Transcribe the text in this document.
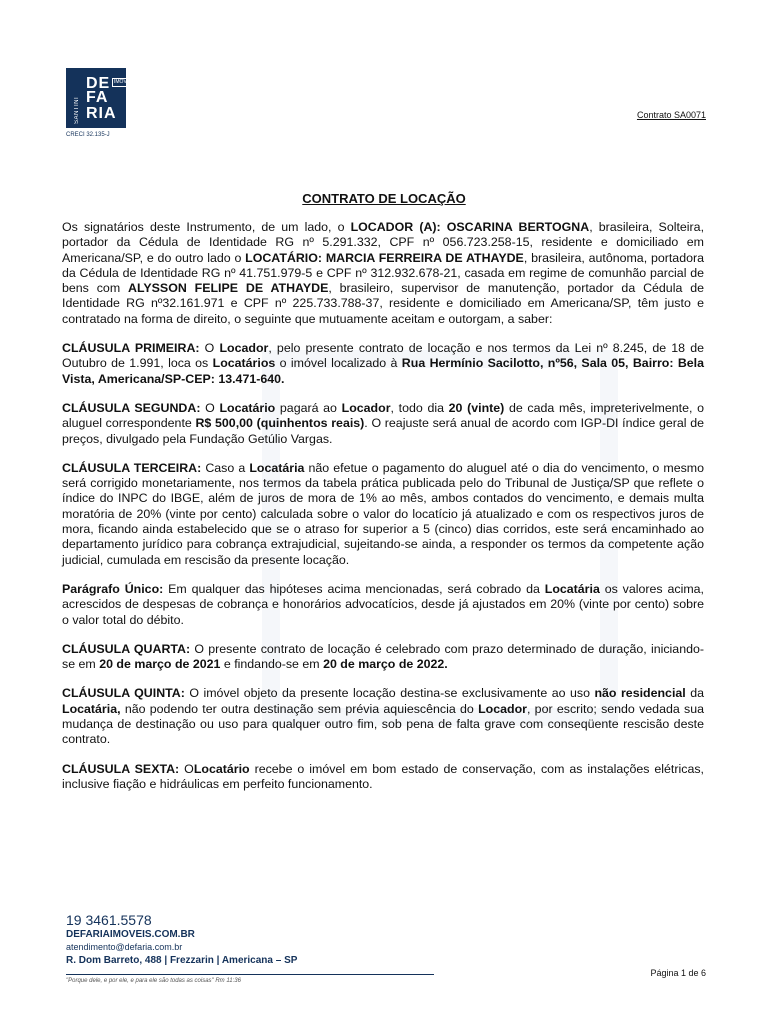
SANTINI
DE
FA
RIA
IMÓVEIS
CRECI 32.135-J
Contrato SA0071
CONTRATO DE LOCAÇÃO

Os signatários deste Instrumento, de um lado, o LOCADOR (A): OSCARINA BERTOGNA, brasileira, Solteira, portador da Cédula de Identidade RG nº 5.291.332, CPF nº 056.723.258-15, residente e domiciliado em Americana/SP, e do outro lado o LOCATÁRIO: MARCIA FERREIRA DE ATHAYDE, brasileira, autônoma, portadora da Cédula de Identidade RG nº 41.751.979-5 e CPF nº 312.932.678-21, casada em regime de comunhão parcial de bens com ALYSSON FELIPE DE ATHAYDE, brasileiro, supervisor de manutenção, portador da Cédula de Identidade RG nº32.161.971 e CPF nº 225.733.788-37, residente e domiciliado em Americana/SP, têm justo e contratado na forma de direito, o seguinte que mutuamente aceitam e outorgam, a saber:

CLÁUSULA PRIMEIRA: O Locador, pelo presente contrato de locação e nos termos da Lei nº 8.245, de 18 de Outubro de 1.991, loca os Locatários o imóvel localizado à Rua Hermínio Sacilotto, nº56, Sala 05, Bairro: Bela Vista, Americana/SP-CEP: 13.471-640.

CLÁUSULA SEGUNDA: O Locatário pagará ao Locador, todo dia 20 (vinte) de cada mês, impreterivelmente, o aluguel correspondente R$ 500,00 (quinhentos reais). O reajuste será anual de acordo com IGP-DI índice geral de preços, divulgado pela Fundação Getúlio Vargas.

CLÁUSULA TERCEIRA: Caso a Locatária não efetue o pagamento do aluguel até o dia do vencimento, o mesmo será corrigido monetariamente, nos termos da tabela prática publicada pelo do Tribunal de Justiça/SP que reflete o índice do INPC do IBGE, além de juros de mora de 1% ao mês, ambos contados do vencimento, e demais multa moratória de 20% (vinte por cento) calculada sobre o valor do locatício já atualizado e com os respectivos juros de mora, ficando ainda estabelecido que se o atraso for superior a 5 (cinco) dias corridos, este será encaminhado ao departamento jurídico para cobrança extrajudicial, sujeitando-se ainda, a responder os termos da competente ação judicial, cumulada em rescisão da presente locação.

Parágrafo Único: Em qualquer das hipóteses acima mencionadas, será cobrado da Locatária os valores acima, acrescidos de despesas de cobrança e honorários advocatícios, desde já ajustados em 20% (vinte por cento) sobre o valor total do débito.

CLÁUSULA QUARTA: O presente contrato de locação é celebrado com prazo determinado de duração, iniciando-se em 20 de março de 2021 e findando-se em 20 de março de 2022.

CLÁUSULA QUINTA: O imóvel objeto da presente locação destina-se exclusivamente ao uso não residencial da Locatária, não podendo ter outra destinação sem prévia aquiescência do Locador, por escrito; sendo vedada sua mudança de destinação ou uso para qualquer outro fim, sob pena de falta grave com conseqüente rescisão deste contrato.

CLÁUSULA SEXTA: OLocatário recebe o imóvel em bom estado de conservação, com as instalações elétricas, inclusive fiação e hidráulicas em perfeito funcionamento.

19 3461.5578
DEFARIAIMOVEIS.COM.BR
atendimento@defaria.com.br
R. Dom Barreto, 488 | Frezzarin | Americana – SP
"Porque dele, e por ele, e para ele são todas as coisas" Rm 11:36
Página 1 de 6
